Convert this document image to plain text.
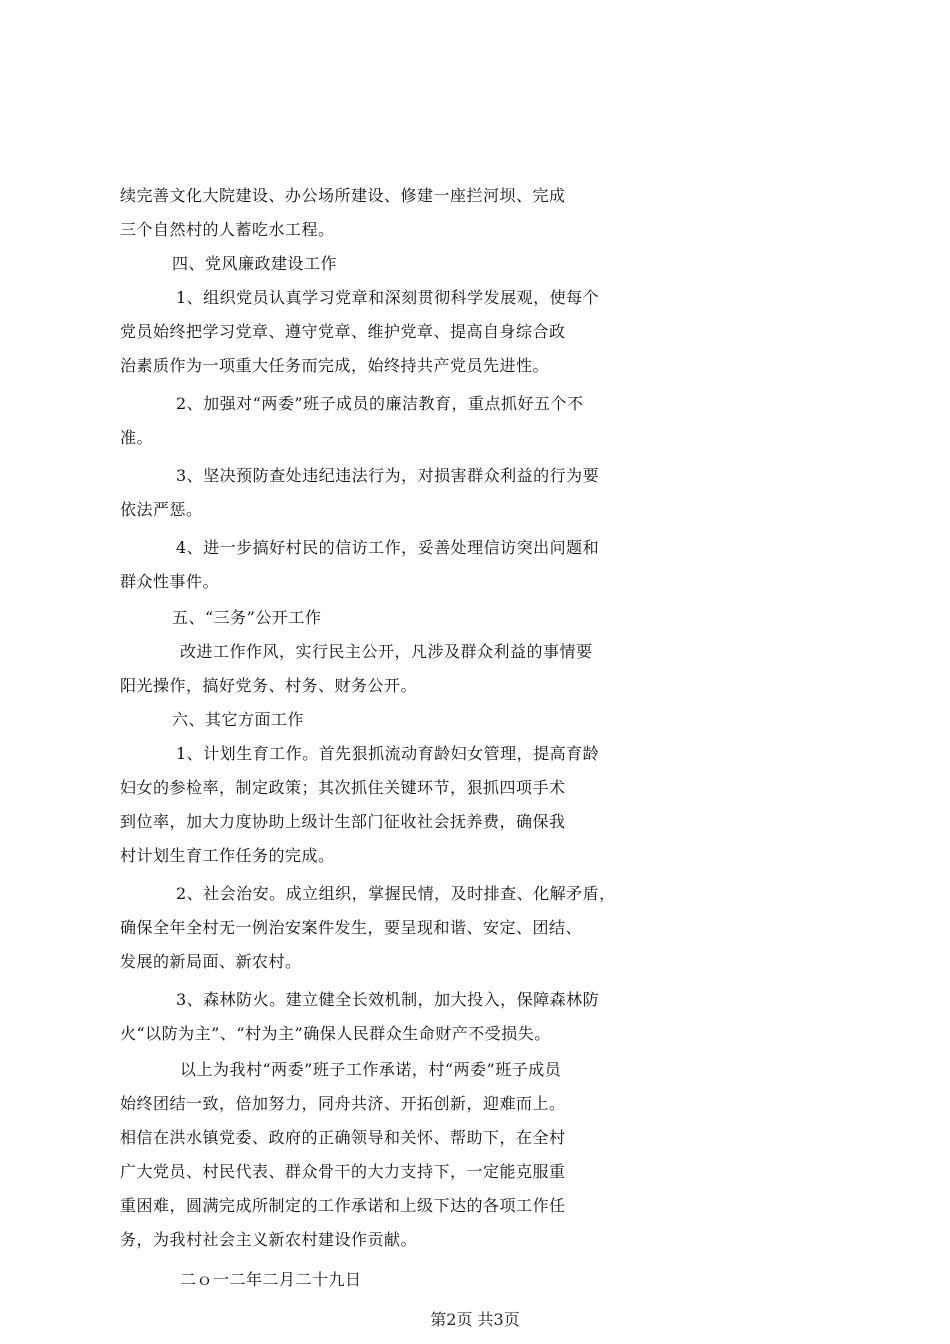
续完善文化大院建设、办公场所建设、修建一座拦河坝、完成
三个自然村的人蓄吃水工程。
四、党风廉政建设工作
1、组织党员认真学习党章和深刻贯彻科学发展观，使每个
党员始终把学习党章、遵守党章、维护党章、提高自身综合政
治素质作为一项重大任务而完成，始终持共产党员先进性。
2、加强对“两委”班子成员的廉洁教育，重点抓好五个不
准。
3、坚决预防查处违纪违法行为，对损害群众利益的行为要
依法严惩。
4、进一步搞好村民的信访工作，妥善处理信访突出问题和
群众性事件。
五、“三务”公开工作
改进工作作风，实行民主公开，凡涉及群众利益的事情要
阳光操作，搞好党务、村务、财务公开。
六、其它方面工作
1、计划生育工作。首先狠抓流动育龄妇女管理，提高育龄
妇女的参检率，制定政策；其次抓住关键环节，狠抓四项手术
到位率，加大力度协助上级计生部门征收社会抚养费，确保我
村计划生育工作任务的完成。
2、社会治安。成立组织，掌握民情，及时排查、化解矛盾，
确保全年全村无一例治安案件发生，要呈现和谐、安定、团结、
发展的新局面、新农村。
3、森林防火。建立健全长效机制，加大投入，保障森林防
火“以防为主”、“村为主”确保人民群众生命财产不受损失。
以上为我村“两委”班子工作承诺，村“两委”班子成员
始终团结一致，倍加努力，同舟共济、开拓创新，迎难而上。
相信在洪水镇党委、政府的正确领导和关怀、帮助下，在全村
广大党员、村民代表、群众骨干的大力支持下，一定能克服重
重困难，圆满完成所制定的工作承诺和上级下达的各项工作任
务，为我村社会主义新农村建设作贡献。
二ｏ一二年二月二十九日
第2页 共3页
